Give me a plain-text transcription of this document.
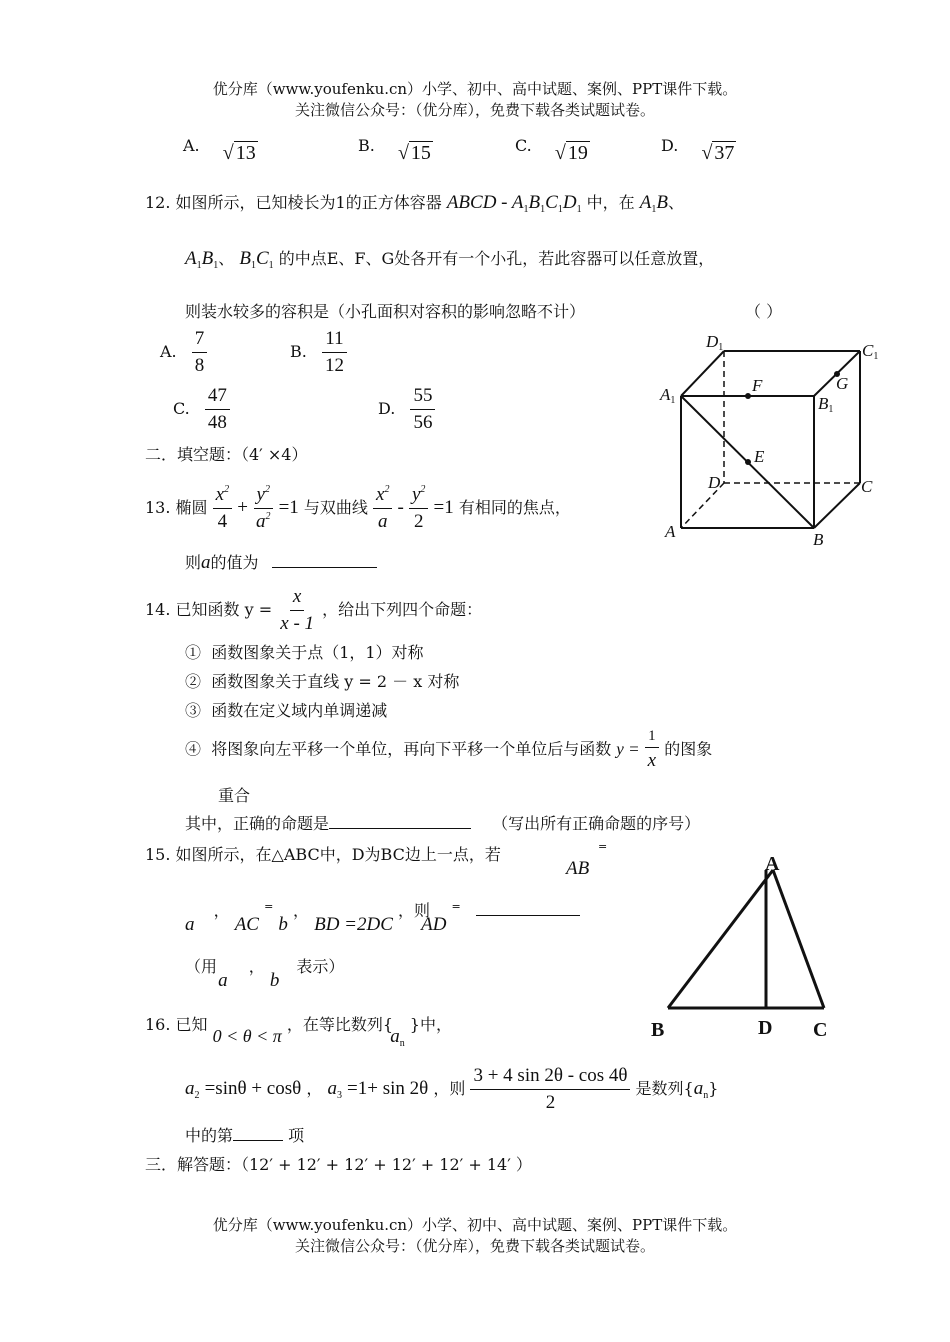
优分库（www.youfenku.cn）小学、初中、高中试题、案例、PPT课件下载。
关注微信公众号：（优分库），免费下载各类试题试卷。
A. √ 13	B. √ 15	C. √ 19	D. √ 37
12. 如图所示，已知棱长为1的正方体容器 ABCD - $A_1B_1C_1D_1$ 中，在 $A_1B$、
$A_1B_1$、 $B_1C_1$ 的中点E、F、G处各开有一个小孔，若此容器可以任意放置，
则装水较多的容积是（小孔面积对容积的影响忽略不计）	（ ）
A. $\frac{7}{8}$	B. $\frac{11}{12}$
C. $\frac{47}{48}$	D. $\frac{55}{56}$
D1	C1
A1	B1
F	G
E
D	C
A	B
二．填空题：（4′ ×4）
13. 椭圆 $\frac{x^2}{4} + \frac{y^2}{a^2} =1$ 与双曲线 $\frac{x^2}{a} - \frac{y^2}{2} =1$ 有相同的焦点，
则a的值为
14. 已知函数 $y = \frac{x}{x - 1}$ ，给出下列四个命题：
① 函数图象关于点（1，1）对称
② 函数图象关于直线 y = 2 － x 对称
③ 函数在定义域内单调递减
④ 将图象向左平移一个单位，再向下平移一个单位后与函数 $y = \frac{1}{x}$ 的图象
重合
其中，正确的命题是	（写出所有正确命题的序号）
15. 如图所示，在△ABC中，D为BC边上一点，若
AB
=
a ， AC = b ， BD =2DC ，则 AD =
（用 a ， b 表示）
A
B	D C
16. 已知 0 < θ < π ，在等比数列{ $a_n$ }中，
$a_2 =\sin\theta + \cos\theta$ ， $a_3 =1+ \sin 2\theta$ ，则 $\frac{3 + 4 \sin 2\theta - \cos 4\theta}{2}$ 是数列$\{a_n\}$
中的第	项
三．解答题：（12′ + 12′ + 12′ + 12′ + 12′ + 14′ ）
优分库（www.youfenku.cn）小学、初中、高中试题、案例、PPT课件下载。
关注微信公众号：（优分库），免费下载各类试题试卷。
